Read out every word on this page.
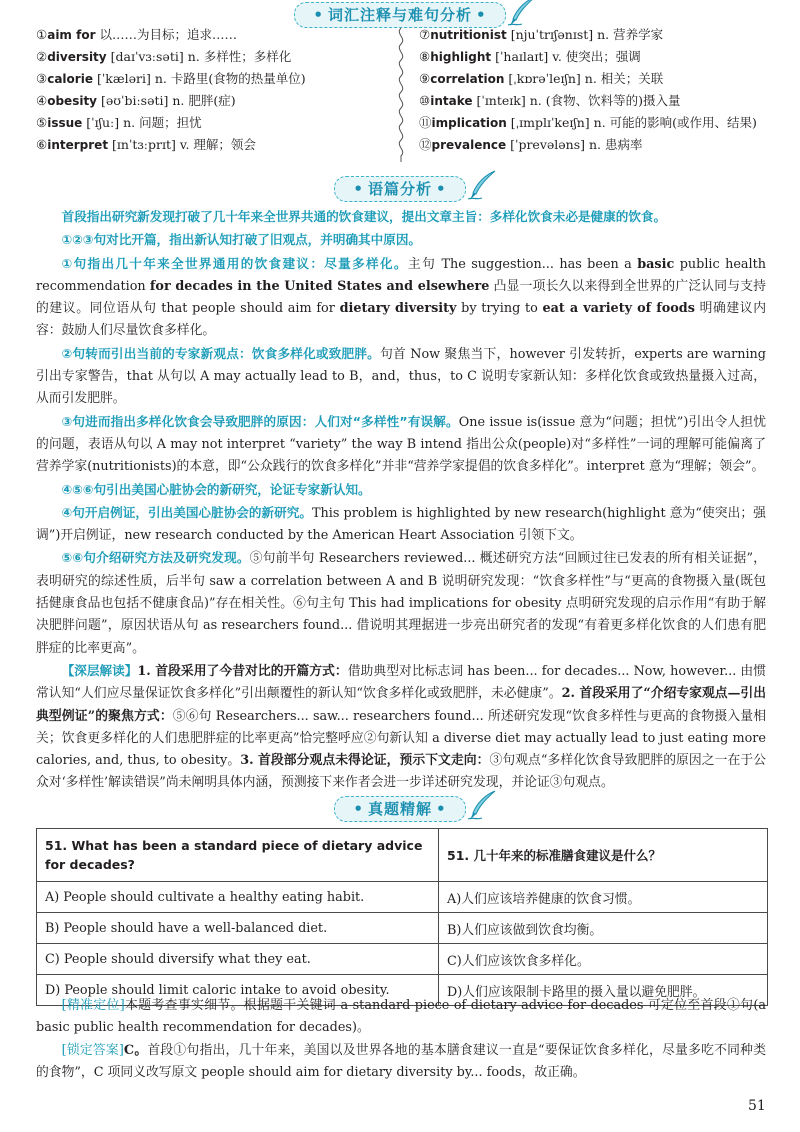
• 词汇注释与难句分析 •
①aim for 以……为目标；追求……
②diversity [daɪˈvɜːsəti] n. 多样性；多样化
③calorie [ˈkæləri] n. 卡路里(食物的热量单位)
④obesity [əʊˈbiːsəti] n. 肥胖(症)
⑤issue [ˈɪʃuː] n. 问题；担忧
⑥interpret [ɪnˈtɜːprɪt] v. 理解；领会
⑦nutritionist [njuˈtrɪʃənɪst] n. 营养学家
⑧highlight [ˈhaɪlaɪt] v. 使突出；强调
⑨correlation [ˌkɒrəˈleɪʃn] n. 相关；关联
⑩intake [ˈɪnteɪk] n. (食物、饮料等的)摄入量
⑪implication [ˌɪmplɪˈkeɪʃn] n. 可能的影响(或作用、结果)
⑫prevalence [ˈprevələns] n. 患病率
• 语篇分析 •

首段指出研究新发现打破了几十年来全世界共通的饮食建议，提出文章主旨：多样化饮食未必是健康的饮食。

①②③句对比开篇，指出新认知打破了旧观点，并明确其中原因。

①句指出几十年来全世界通用的饮食建议：尽量多样化。主句 The suggestion... has been a basic public health recommendation for decades in the United States and elsewhere 凸显一项长久以来得到全世界的广泛认同与支持的建议。同位语从句 that people should aim for dietary diversity by trying to eat a variety of foods 明确建议内容：鼓励人们尽量饮食多样化。

②句转而引出当前的专家新观点：饮食多样化或致肥胖。句首 Now 聚焦当下，however 引发转折，experts are warning 引出专家警告，that 从句以 A may actually lead to B，and，thus，to C 说明专家新认知：多样化饮食或致热量摄入过高，从而引发肥胖。

③句进而指出多样化饮食会导致肥胖的原因：人们对“多样性”有误解。One issue is(issue 意为“问题；担忧”)引出令人担忧的问题，表语从句以 A may not interpret “variety” the way B intend 指出公众(people)对“多样性”一词的理解可能偏离了营养学家(nutritionists)的本意，即“公众践行的饮食多样化”并非“营养学家提倡的饮食多样化”。interpret 意为“理解；领会”。

④⑤⑥句引出美国心脏协会的新研究，论证专家新认知。

④句开启例证，引出美国心脏协会的新研究。This problem is highlighted by new research(highlight 意为“使突出；强调”)开启例证，new research conducted by the American Heart Association 引领下文。

⑤⑥句介绍研究方法及研究发现。⑤句前半句 Researchers reviewed... 概述研究方法“回顾过往已发表的所有相关证据”，表明研究的综述性质，后半句 saw a correlation between A and B 说明研究发现：“饮食多样性”与“更高的食物摄入量(既包括健康食品也包括不健康食品)”存在相关性。⑥句主句 This had implications for obesity 点明研究发现的启示作用“有助于解决肥胖问题”，原因状语从句 as researchers found... 借说明其理据进一步亮出研究者的发现“有着更多样化饮食的人们患有肥胖症的比率更高”。

【深层解读】1. 首段采用了今昔对比的开篇方式：借助典型对比标志词 has been... for decades... Now, however... 由惯常认知“人们应尽量保证饮食多样化”引出颠覆性的新认知“饮食多样化或致肥胖，未必健康”。2. 首段采用了“介绍专家观点—引出典型例证”的聚焦方式：⑤⑥句 Researchers... saw... researchers found... 所述研究发现“饮食多样性与更高的食物摄入量相关；饮食更多样化的人们患肥胖症的比率更高”恰完整呼应②句新认知 a diverse diet may actually lead to just eating more calories, and, thus, to obesity。3. 首段部分观点未得论证，预示下文走向：③句观点“多样化饮食导致肥胖的原因之一在于公众对‘多样性’解读错误”尚未阐明具体内涵，预测接下来作者会进一步详述研究发现，并论证③句观点。

• 真题精解 •
51. What has been a standard piece of dietary advice for decades?	51. 几十年来的标准膳食建议是什么？
A) People should cultivate a healthy eating habit.	A)人们应该培养健康的饮食习惯。
B) People should have a well-balanced diet.	B)人们应该做到饮食均衡。
C) People should diversify what they eat.	C)人们应该饮食多样化。
D) People should limit caloric intake to avoid obesity.	D)人们应该限制卡路里的摄入量以避免肥胖。

[精准定位]本题考查事实细节。根据题干关键词 a standard piece of dietary advice for decades 可定位至首段①句(a basic public health recommendation for decades)。

[锁定答案]C。首段①句指出，几十年来，美国以及世界各地的基本膳食建议一直是“要保证饮食多样化，尽量多吃不同种类的食物”，C 项同义改写原文 people should aim for dietary diversity by... foods，故正确。

51
